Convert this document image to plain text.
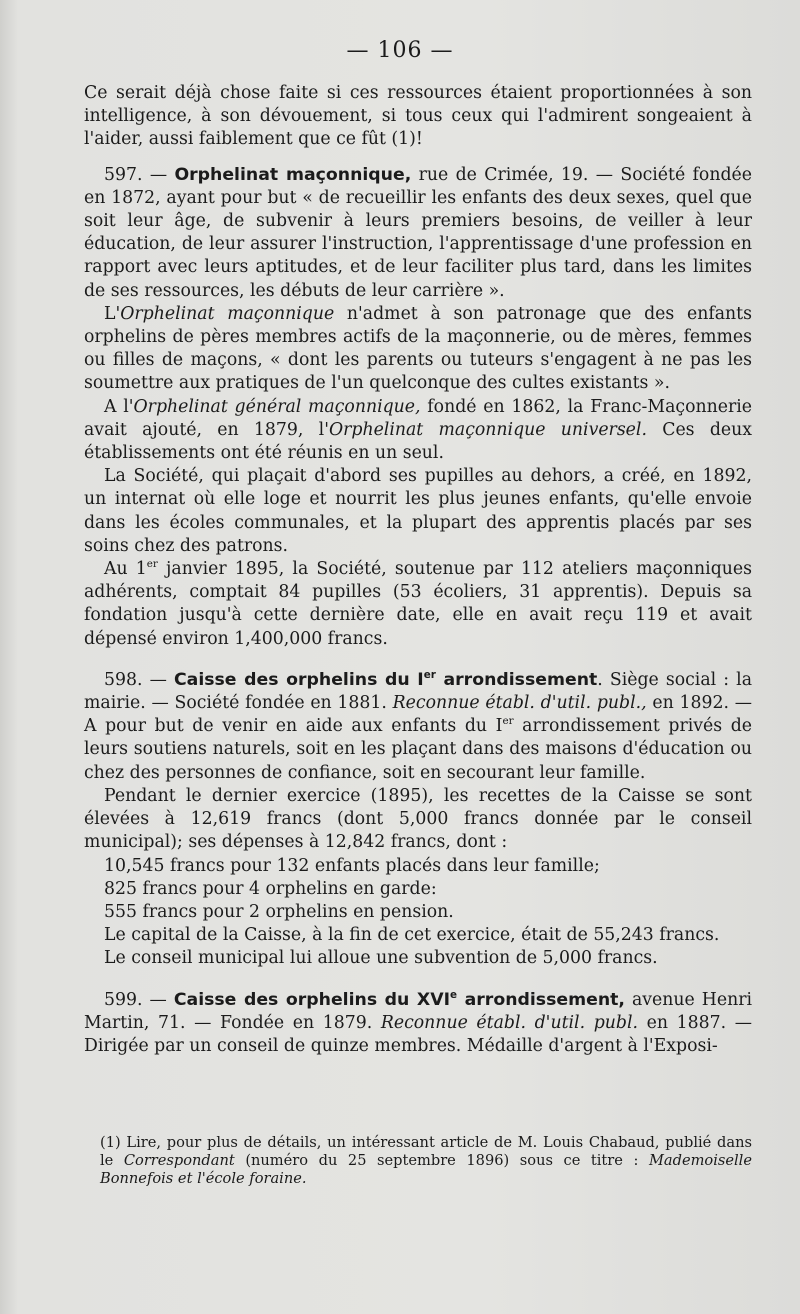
— 106 —

Ce serait déjà chose faite si ces ressources étaient proportionnées à son intelligence, à son dévouement, si tous ceux qui l'admirent songeaient à l'aider, aussi faiblement que ce fût (1)!

597. — Orphelinat maçonnique, rue de Crimée, 19. — Société fondée en 1872, ayant pour but « de recueillir les enfants des deux sexes, quel que soit leur âge, de subvenir à leurs premiers besoins, de veiller à leur éducation, de leur assurer l'instruction, l'apprentissage d'une profession en rapport avec leurs aptitudes, et de leur faciliter plus tard, dans les limites de ses ressources, les débuts de leur carrière ».

L'Orphelinat maçonnique n'admet à son patronage que des enfants orphelins de pères membres actifs de la maçonnerie, ou de mères, femmes ou filles de maçons, « dont les parents ou tuteurs s'engagent à ne pas les soumettre aux pratiques de l'un quelconque des cultes existants ».

A l'Orphelinat général maçonnique, fondé en 1862, la Franc-Maçonnerie avait ajouté, en 1879, l'Orphelinat maçonnique universel. Ces deux établissements ont été réunis en un seul.

La Société, qui plaçait d'abord ses pupilles au dehors, a créé, en 1892, un internat où elle loge et nourrit les plus jeunes enfants, qu'elle envoie dans les écoles communales, et la plupart des apprentis placés par ses soins chez des patrons.

Au 1er janvier 1895, la Société, soutenue par 112 ateliers maçonniques adhérents, comptait 84 pupilles (53 écoliers, 31 apprentis). Depuis sa fondation jusqu'à cette dernière date, elle en avait reçu 119 et avait dépensé environ 1,400,000 francs.

598. — Caisse des orphelins du Ier arrondissement. Siège social : la mairie. — Société fondée en 1881. Reconnue établ. d'util. publ., en 1892. — A pour but de venir en aide aux enfants du Ier arrondissement privés de leurs soutiens naturels, soit en les plaçant dans des maisons d'éducation ou chez des personnes de confiance, soit en secourant leur famille.

Pendant le dernier exercice (1895), les recettes de la Caisse se sont élevées à 12,619 francs (dont 5,000 francs donnée par le conseil municipal); ses dépenses à 12,842 francs, dont :

10,545 francs pour 132 enfants placés dans leur famille;

825 francs pour 4 orphelins en garde:

555 francs pour 2 orphelins en pension.

Le capital de la Caisse, à la fin de cet exercice, était de 55,243 francs.

Le conseil municipal lui alloue une subvention de 5,000 francs.

599. — Caisse des orphelins du XVIe arrondissement, avenue Henri Martin, 71. — Fondée en 1879. Reconnue établ. d'util. publ. en 1887. — Dirigée par un conseil de quinze membres. Médaille d'argent à l'Exposi-

(1) Lire, pour plus de détails, un intéressant article de M. Louis Chabaud, publié dans le Correspondant (numéro du 25 septembre 1896) sous ce titre : Mademoiselle Bonnefois et l'école foraine.
